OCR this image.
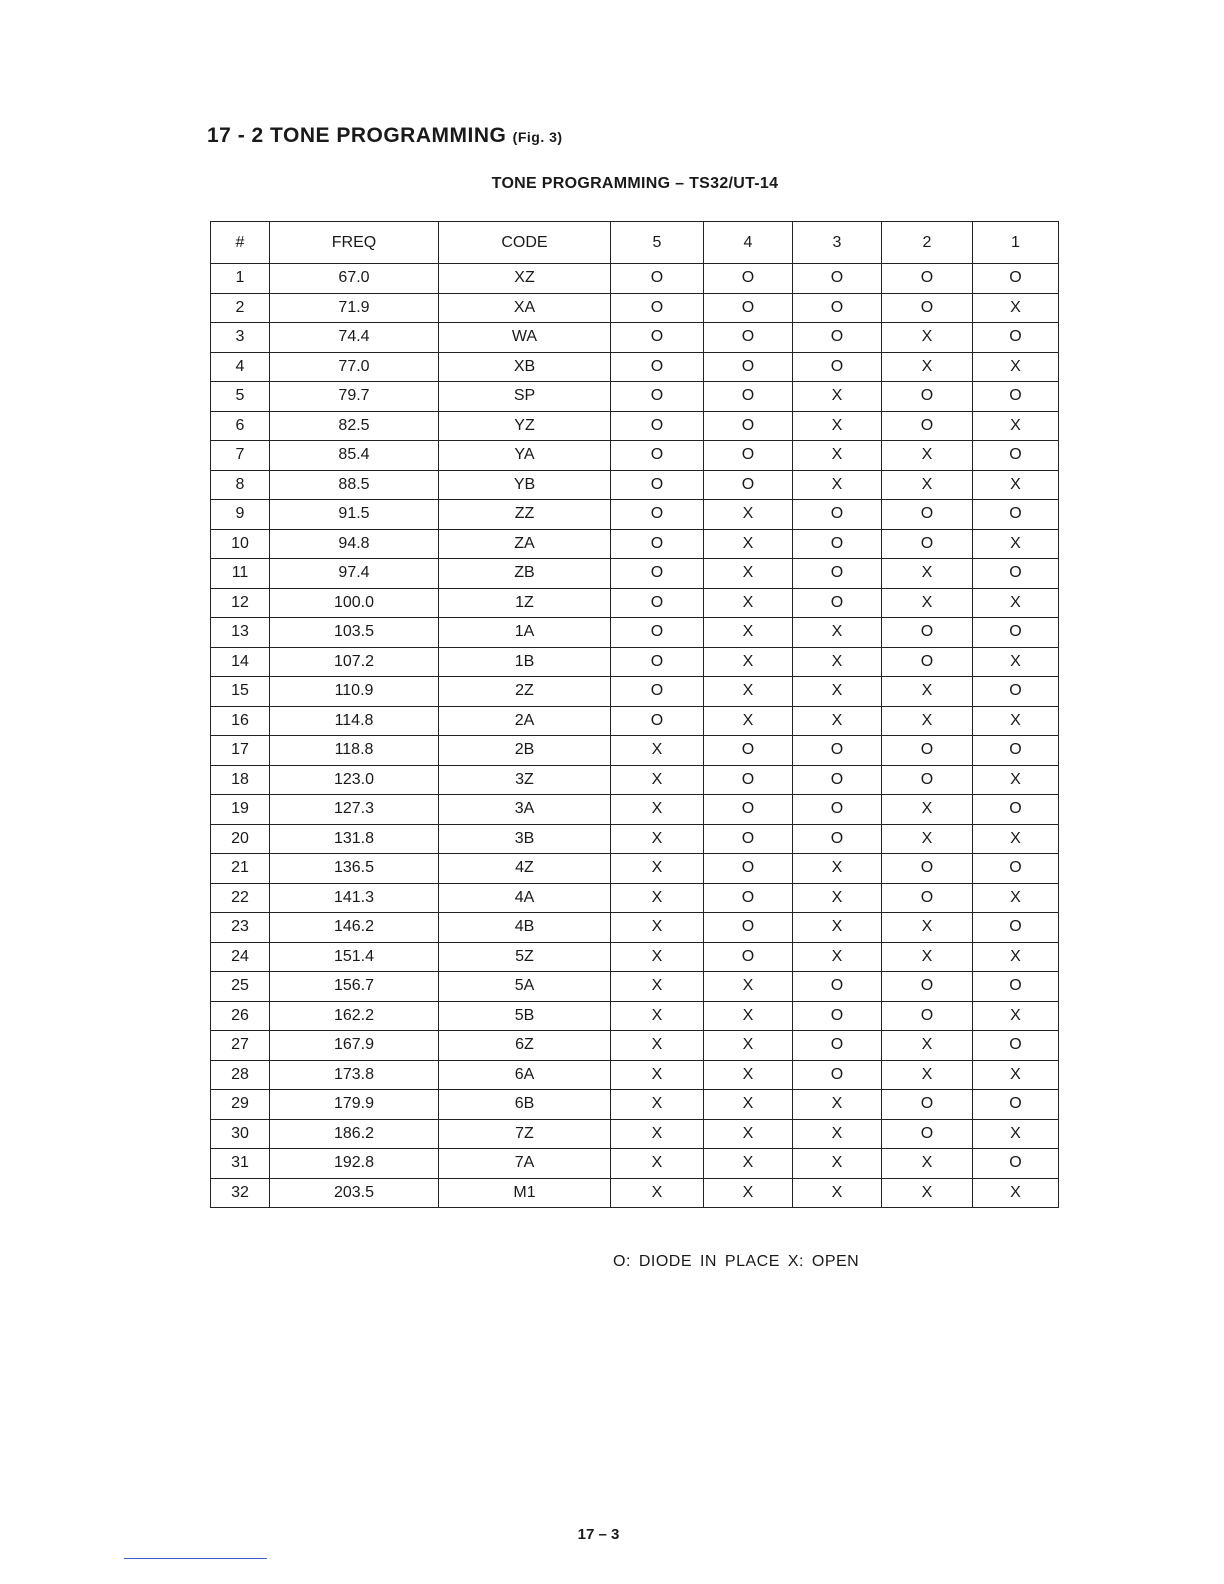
17 - 2 TONE PROGRAMMING (Fig. 3)
TONE PROGRAMMING – TS32/UT-14
#	FREQ	CODE	5	4	3	2	1
1	67.0	XZ	O	O	O	O	O
2	71.9	XA	O	O	O	O	X
3	74.4	WA	O	O	O	X	O
4	77.0	XB	O	O	O	X	X
5	79.7	SP	O	O	X	O	O
6	82.5	YZ	O	O	X	O	X
7	85.4	YA	O	O	X	X	O
8	88.5	YB	O	O	X	X	X
9	91.5	ZZ	O	X	O	O	O
10	94.8	ZA	O	X	O	O	X
11	97.4	ZB	O	X	O	X	O
12	100.0	1Z	O	X	O	X	X
13	103.5	1A	O	X	X	O	O
14	107.2	1B	O	X	X	O	X
15	110.9	2Z	O	X	X	X	O
16	114.8	2A	O	X	X	X	X
17	118.8	2B	X	O	O	O	O
18	123.0	3Z	X	O	O	O	X
19	127.3	3A	X	O	O	X	O
20	131.8	3B	X	O	O	X	X
21	136.5	4Z	X	O	X	O	O
22	141.3	4A	X	O	X	O	X
23	146.2	4B	X	O	X	X	O
24	151.4	5Z	X	O	X	X	X
25	156.7	5A	X	X	O	O	O
26	162.2	5B	X	X	O	O	X
27	167.9	6Z	X	X	O	X	O
28	173.8	6A	X	X	O	X	X
29	179.9	6B	X	X	X	O	O
30	186.2	7Z	X	X	X	O	X
31	192.8	7A	X	X	X	X	O
32	203.5	M1	X	X	X	X	X
O: DIODE IN PLACE X: OPEN
17 – 3
